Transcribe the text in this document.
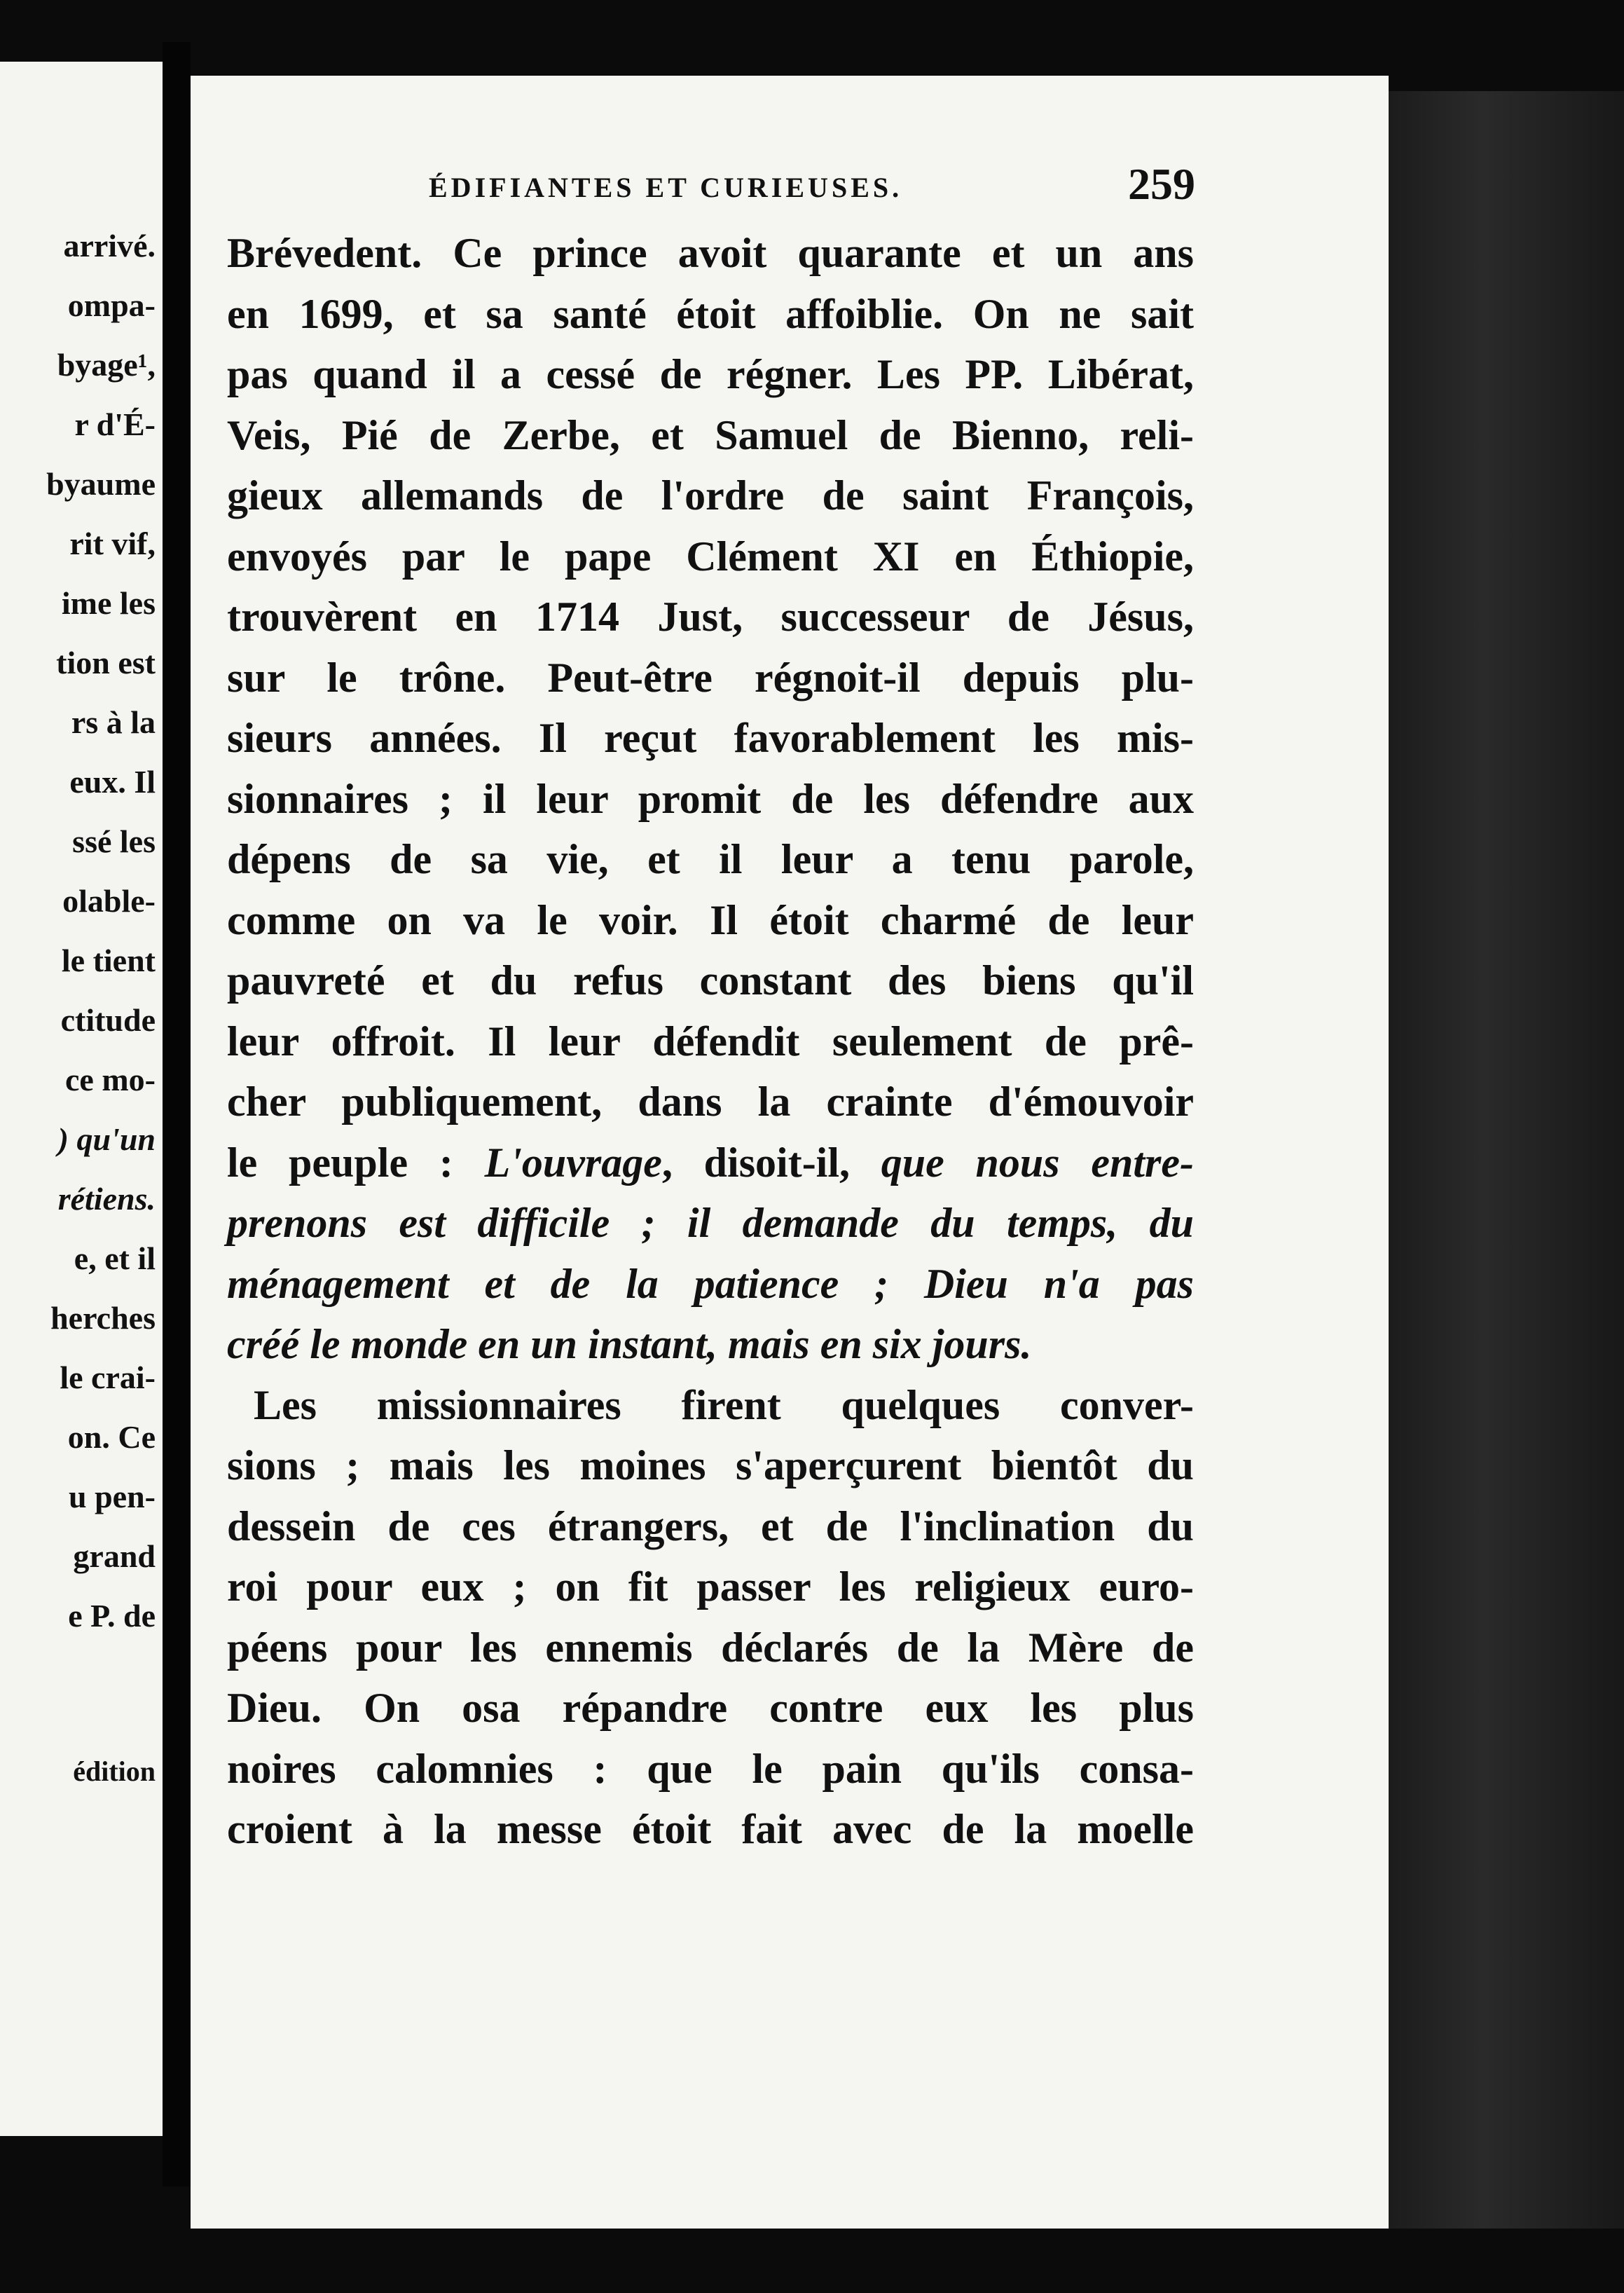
arrivé.
ompa-
byage¹,
r d'É-
byaume
rit vif,
ime les
tion est
rs à la
eux. Il
ssé les
olable-
le tient
ctitude
ce mo-
) qu'un
rétiens.
e, et il
herches
le crai-
on. Ce
u pen-
grand
e P. de
édition
ÉDIFIANTES ET CURIEUSES.	259
Brévedent. Ce prince avoit quarante et un ans
en 1699, et sa santé étoit affoiblie. On ne sait
pas quand il a cessé de régner. Les PP. Libérat,
Veis, Pié de Zerbe, et Samuel de Bienno, reli-
gieux allemands de l'ordre de saint François,
envoyés par le pape Clément XI en Éthiopie,
trouvèrent en 1714 Just, successeur de Jésus,
sur le trône. Peut-être régnoit-il depuis plu-
sieurs années. Il reçut favorablement les mis-
sionnaires ; il leur promit de les défendre aux
dépens de sa vie, et il leur a tenu parole,
comme on va le voir. Il étoit charmé de leur
pauvreté et du refus constant des biens qu'il
leur offroit. Il leur défendit seulement de prê-
cher publiquement, dans la crainte d'émouvoir
le peuple : L'ouvrage, disoit-il, que nous entre-
prenons est difficile ; il demande du temps, du
ménagement et de la patience ; Dieu n'a pas
créé le monde en un instant, mais en six jours.
Les missionnaires firent quelques conver-
sions ; mais les moines s'aperçurent bientôt du
dessein de ces étrangers, et de l'inclination du
roi pour eux ; on fit passer les religieux euro-
péens pour les ennemis déclarés de la Mère de
Dieu. On osa répandre contre eux les plus
noires calomnies : que le pain qu'ils consa-
croient à la messe étoit fait avec de la moelle
